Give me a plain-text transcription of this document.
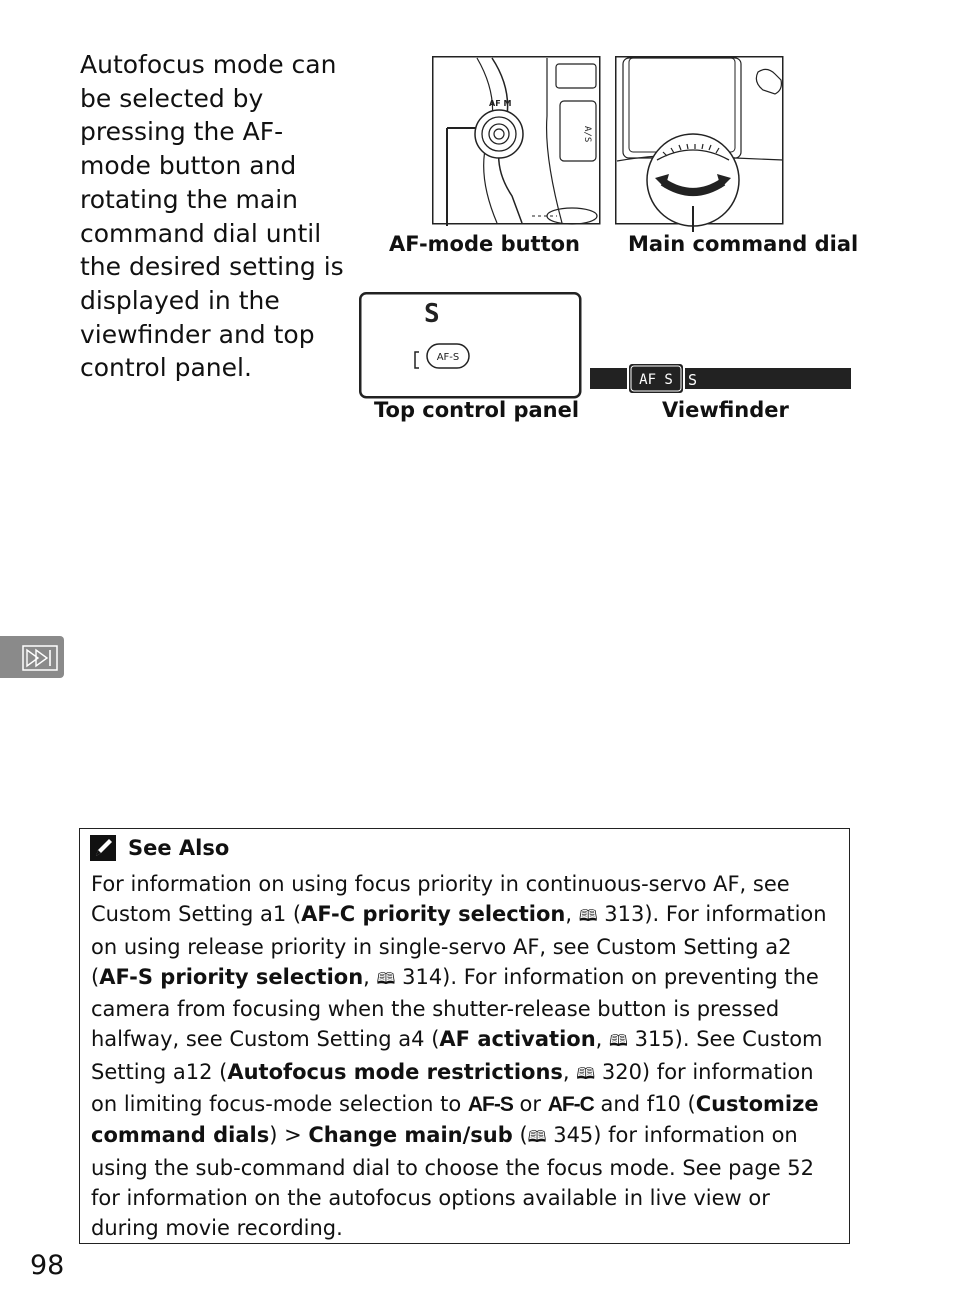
Autofocus mode can be selected by pressing the AF-mode button and rotating the main command dial until the desired setting is displayed in the viewfinder and top control panel.

A/S
AF M
AF-mode button Main command dial
S
AF-S
Top control panel
AF S S
Viewfinder
See Also

For information on using focus priority in continuous-servo AF, see Custom Setting a1 (AF-C priority selection, 🕮 313). For information on using release priority in single-servo AF, see Custom Setting a2 (AF-S priority selection, 🕮 314). For information on preventing the camera from focusing when the shutter-release button is pressed halfway, see Custom Setting a4 (AF activation, 🕮 315). See Custom Setting a12 (Autofocus mode restrictions, 🕮 320) for information on limiting focus-mode selection to AF-S or AF-C and f10 (Customize command dials) > Change main/sub (🕮 345) for information on using the sub-command dial to choose the focus mode. See page 52 for information on the autofocus options available in live view or during movie recording.

98
